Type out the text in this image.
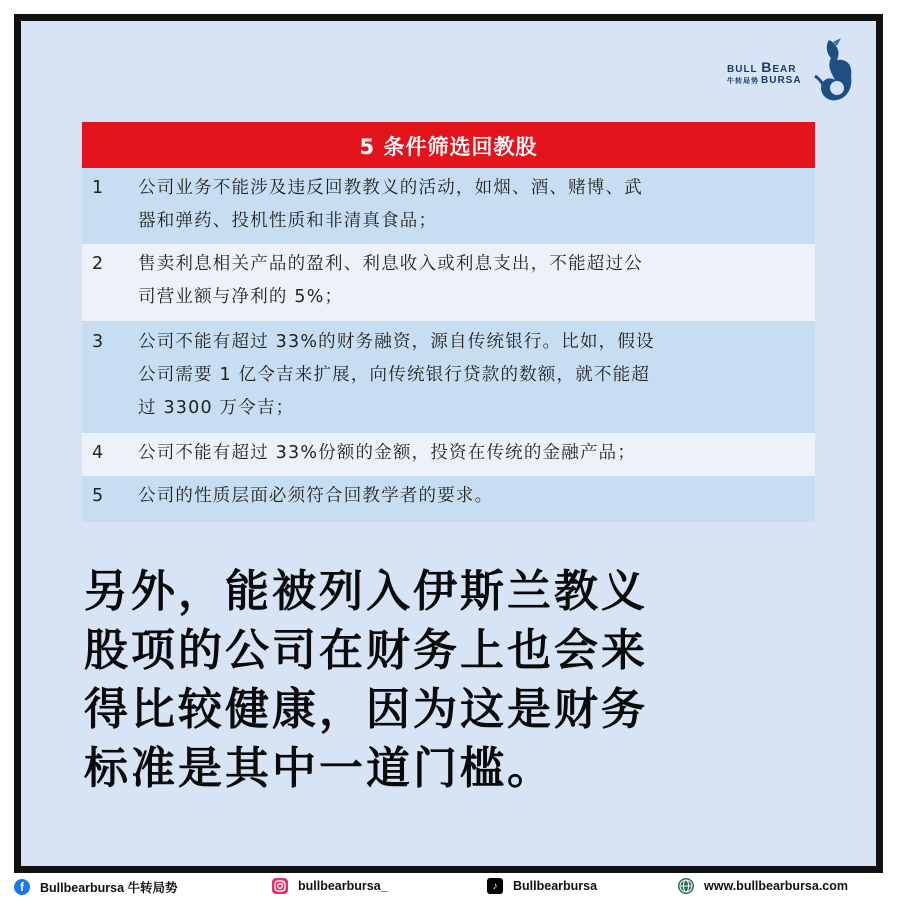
BULL BEAR
牛转局势 BURSA
5 条件筛选回教股
1	公司业务不能涉及违反回教教义的活动，如烟、酒、赌博、武
器和弹药、投机性质和非清真食品；
2	售卖利息相关产品的盈利、利息收入或利息支出，不能超过公
司营业额与净利的 5%；
3	公司不能有超过 33%的财务融资，源自传统银行。比如，假设
公司需要 1 亿令吉来扩展，向传统银行贷款的数额，就不能超
过 3300 万令吉；
4	公司不能有超过 33%份额的金额，投资在传统的金融产品；
5	公司的性质层面必须符合回教学者的要求。
另外，能被列入伊斯兰教义
股项的公司在财务上也会来
得比较健康，因为这是财务
标准是其中一道门槛。
f	Bullbearbursa 牛转局势	bullbearbursa_	♪	Bullbearbursa	www.bullbearbursa.com
